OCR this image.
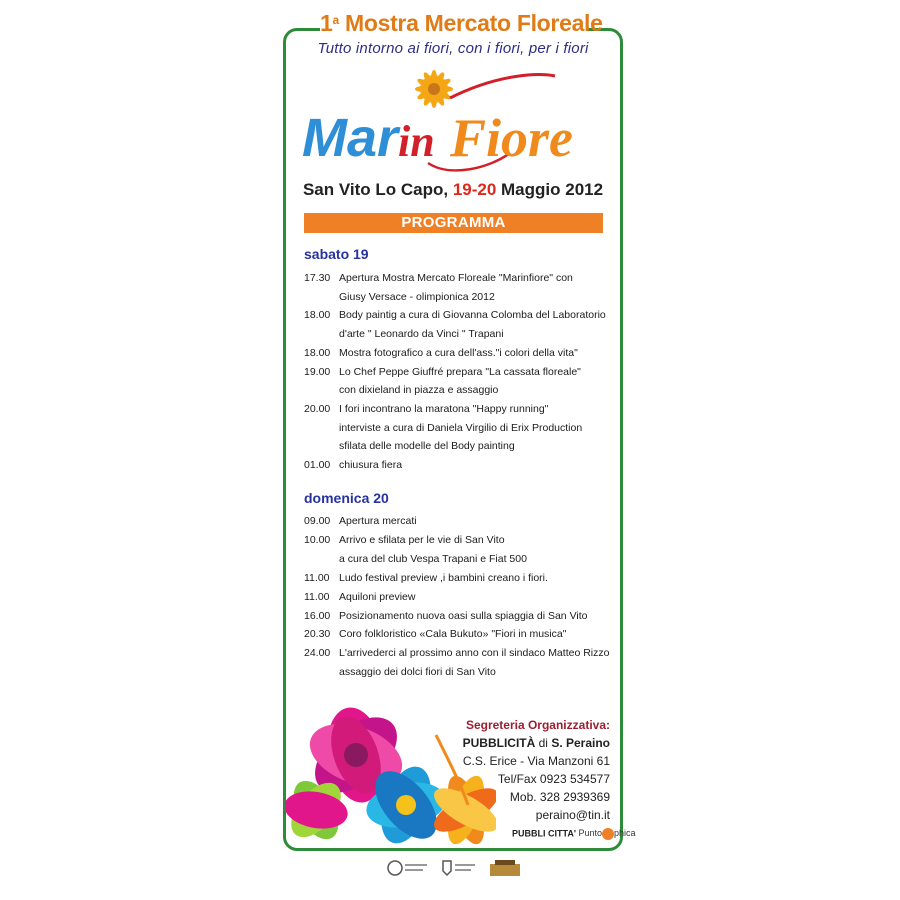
1$^a$ Mostra Mercato Floreale
Tutto intorno ai fiori, con i fiori, per i fiori
Mar in Fiore
San Vito Lo Capo, 19-20 Maggio 2012
PROGRAMMA
sabato 19
17.30 Apertura Mostra Mercato Floreale "Marinfiore" con
Giusy Versace - olimpionica 2012
18.00 Body paintig a cura di Giovanna Colomba del Laboratorio
d'arte " Leonardo da Vinci " Trapani
18.00 Mostra fotografico a cura dell'ass."i colori della vita"
19.00 Lo Chef Peppe Giuffré prepara "La cassata floreale"
con dixieland in piazza e assaggio
20.00 I fori incontrano la maratona "Happy running"
interviste a cura di Daniela Virgilio di Erix Production
sfilata delle modelle del Body painting
01.00 chiusura fiera
domenica 20
09.00 Apertura mercati
10.00 Arrivo e sfilata per le vie di San Vito
a cura del club Vespa Trapani e Fiat 500
11.00 Ludo festival preview ,i bambini creano i fiori.
11.00 Aquiloni preview
16.00 Posizionamento nuova oasi sulla spiaggia di San Vito
20.30 Coro folkloristico «Cala Bukuto» "Fiori in musica"
24.00 L'arrivederci al prossimo anno con il sindaco Matteo Rizzo
assaggio dei dolci fiori di San Vito
Segreteria Organizzativa:
PUBBLICITÀ di S. Peraino
C.S. Erice - Via Manzoni 61
Tel/Fax 0923 534577
Mob. 328 2939369
peraino@tin.it
PUBBLI CITTA' Punto phica
